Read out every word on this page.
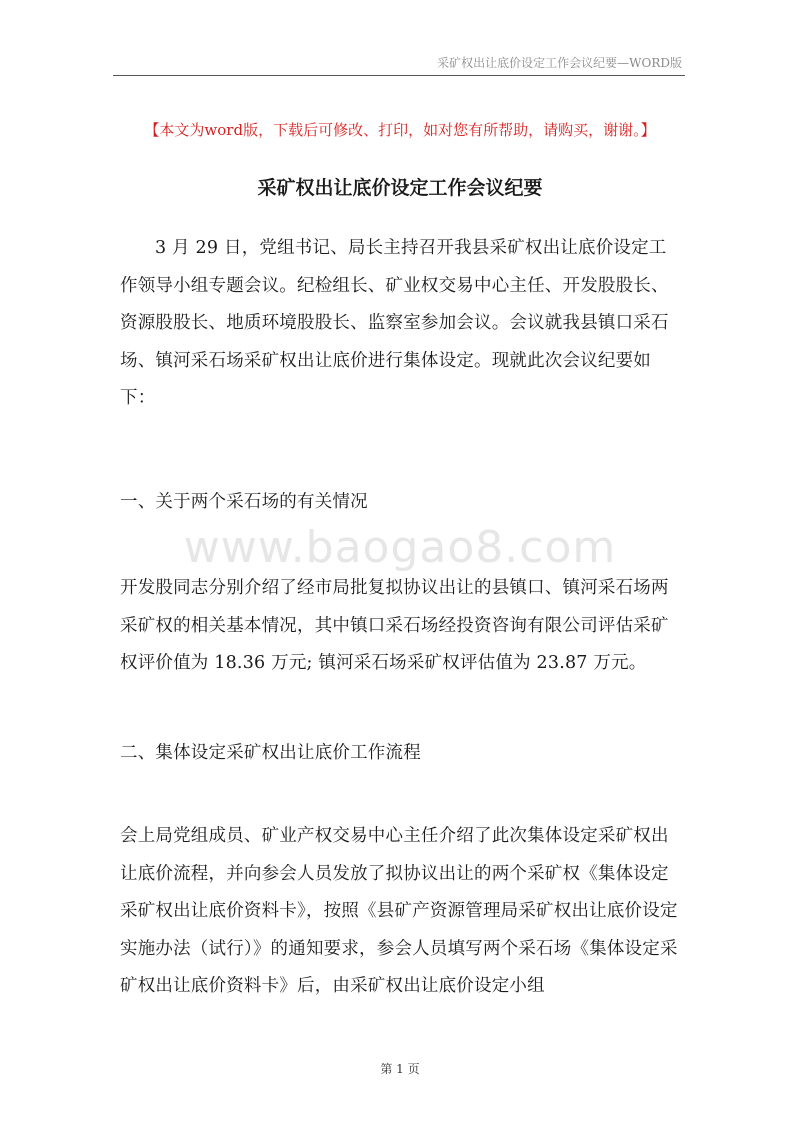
采矿权出让底价设定工作会议纪要—WORD版
【本文为word版，下载后可修改、打印，如对您有所帮助，请购买，谢谢。】
采矿权出让底价设定工作会议纪要
3 月 29 日，党组书记、局长主持召开我县采矿权出让底价设定工作领导小组专题会议。纪检组长、矿业权交易中心主任、开发股股长、资源股股长、地质环境股股长、监察室参加会议。会议就我县镇口采石场、镇河采石场采矿权出让底价进行集体设定。现就此次会议纪要如下：
一、关于两个采石场的有关情况
www.baogao8.com
开发股同志分别介绍了经市局批复拟协议出让的县镇口、镇河采石场两采矿权的相关基本情况，其中镇口采石场经投资咨询有限公司评估采矿权评价值为 18.36 万元; 镇河采石场采矿权评估值为 23.87 万元。
二、集体设定采矿权出让底价工作流程
会上局党组成员、矿业产权交易中心主任介绍了此次集体设定采矿权出让底价流程，并向参会人员发放了拟协议出让的两个采矿权《集体设定采矿权出让底价资料卡》，按照《县矿产资源管理局采矿权出让底价设定实施办法（试行）》的通知要求，参会人员填写两个采石场《集体设定采矿权出让底价资料卡》后，由采矿权出让底价设定小组
第 1 页
